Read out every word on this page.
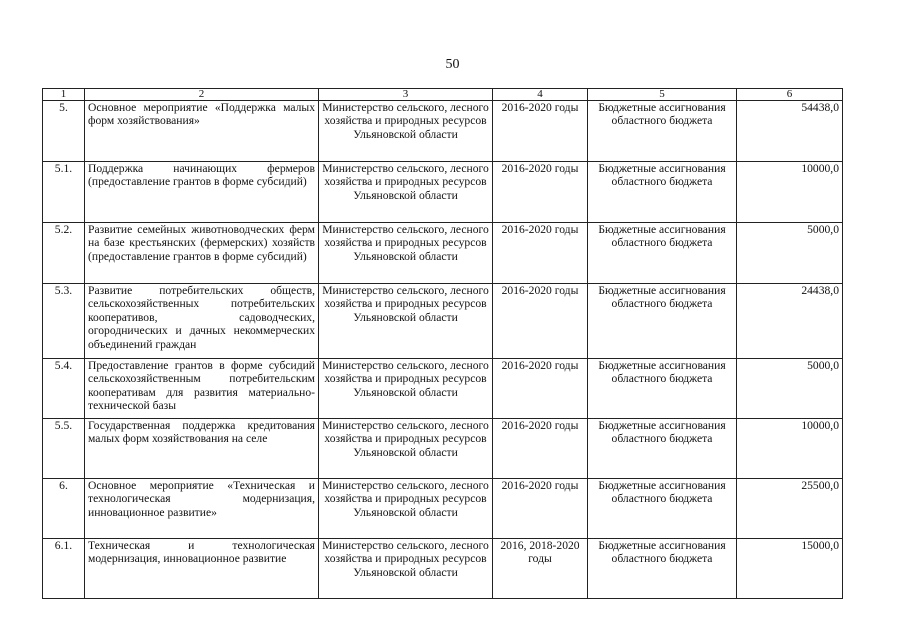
50
1	2	3	4	5	6
5.	Основное мероприятие «Поддержка малых форм хозяйствования»	Министерство сельского, лесного хозяйства и природных ресурсов Ульяновской области	2016-2020 годы	Бюджетные ассигнования областного бюджета	54438,0
5.1.	Поддержка начинающих фермеров (предоставление грантов в форме субсидий)	Министерство сельского, лесного хозяйства и природных ресурсов Ульяновской области	2016-2020 годы	Бюджетные ассигнования областного бюджета	10000,0
5.2.	Развитие семейных животноводческих ферм на базе крестьянских (фермерских) хозяйств (предоставление грантов в форме субсидий)	Министерство сельского, лесного хозяйства и природных ресурсов Ульяновской области	2016-2020 годы	Бюджетные ассигнования областного бюджета	5000,0
5.3.	Развитие потребительских обществ, сельскохозяйственных потребительских кооперативов, садоводческих, огороднических и дачных некоммерческих объединений граждан	Министерство сельского, лесного хозяйства и природных ресурсов Ульяновской области	2016-2020 годы	Бюджетные ассигнования областного бюджета	24438,0
5.4.	Предоставление грантов в форме субсидий сельскохозяйственным потребительским кооперативам для развития материально-технической базы	Министерство сельского, лесного хозяйства и природных ресурсов Ульяновской области	2016-2020 годы	Бюджетные ассигнования областного бюджета	5000,0
5.5.	Государственная поддержка кредитования малых форм хозяйствования на селе	Министерство сельского, лесного хозяйства и природных ресурсов Ульяновской области	2016-2020 годы	Бюджетные ассигнования областного бюджета	10000,0
6.	Основное мероприятие «Техническая и технологическая модернизация, инновационное развитие»	Министерство сельского, лесного хозяйства и природных ресурсов Ульяновской области	2016-2020 годы	Бюджетные ассигнования областного бюджета	25500,0
6.1.	Техническая и технологическая модернизация, инновационное развитие	Министерство сельского, лесного хозяйства и природных ресурсов Ульяновской области	2016, 2018-2020 годы	Бюджетные ассигнования областного бюджета	15000,0
